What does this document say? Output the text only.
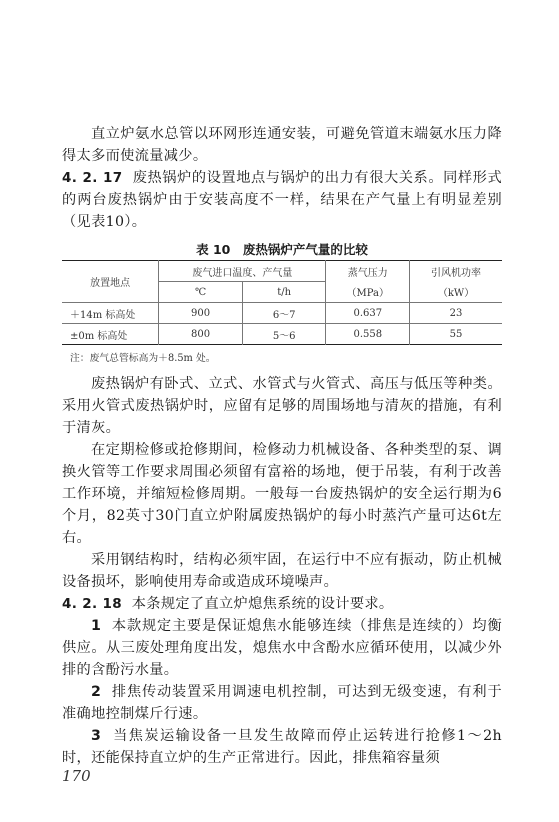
直立炉氨水总管以环网形连通安装，可避免管道末端氨水压力降得太多而使流量减少。

4. 2. 17 废热锅炉的设置地点与锅炉的出力有很大关系。同样形式的两台废热锅炉由于安装高度不一样，结果在产气量上有明显差别（见表10）。

表 10　废热锅炉产气量的比较
放置地点	废气进口温度、产气量		蒸气压力	引风机功率
	℃	t/h	（MPa）	（kW）
＋14m 标高处	900	6～7	0.637	23
±0m 标高处	800	5～6	0.558	55
注：废气总管标高为＋8.5m 处。

废热锅炉有卧式、立式、水管式与火管式、高压与低压等种类。采用火管式废热锅炉时，应留有足够的周围场地与清灰的措施，有利于清灰。

在定期检修或抢修期间，检修动力机械设备、各种类型的泵、调换火管等工作要求周围必须留有富裕的场地，便于吊装，有利于改善工作环境，并缩短检修周期。一般每一台废热锅炉的安全运行期为6个月，82英寸30门直立炉附属废热锅炉的每小时蒸汽产量可达6t左右。

采用钢结构时，结构必须牢固，在运行中不应有振动，防止机械设备损坏，影响使用寿命或造成环境噪声。

4. 2. 18 本条规定了直立炉熄焦系统的设计要求。

1 本款规定主要是保证熄焦水能够连续（排焦是连续的）均衡供应。从三废处理角度出发，熄焦水中含酚水应循环使用，以减少外排的含酚污水量。

2 排焦传动装置采用调速电机控制，可达到无级变速，有利于准确地控制煤斤行速。

3 当焦炭运输设备一旦发生故障而停止运转进行抢修1～2h时，还能保持直立炉的生产正常进行。因此，排焦箱容量须

170
